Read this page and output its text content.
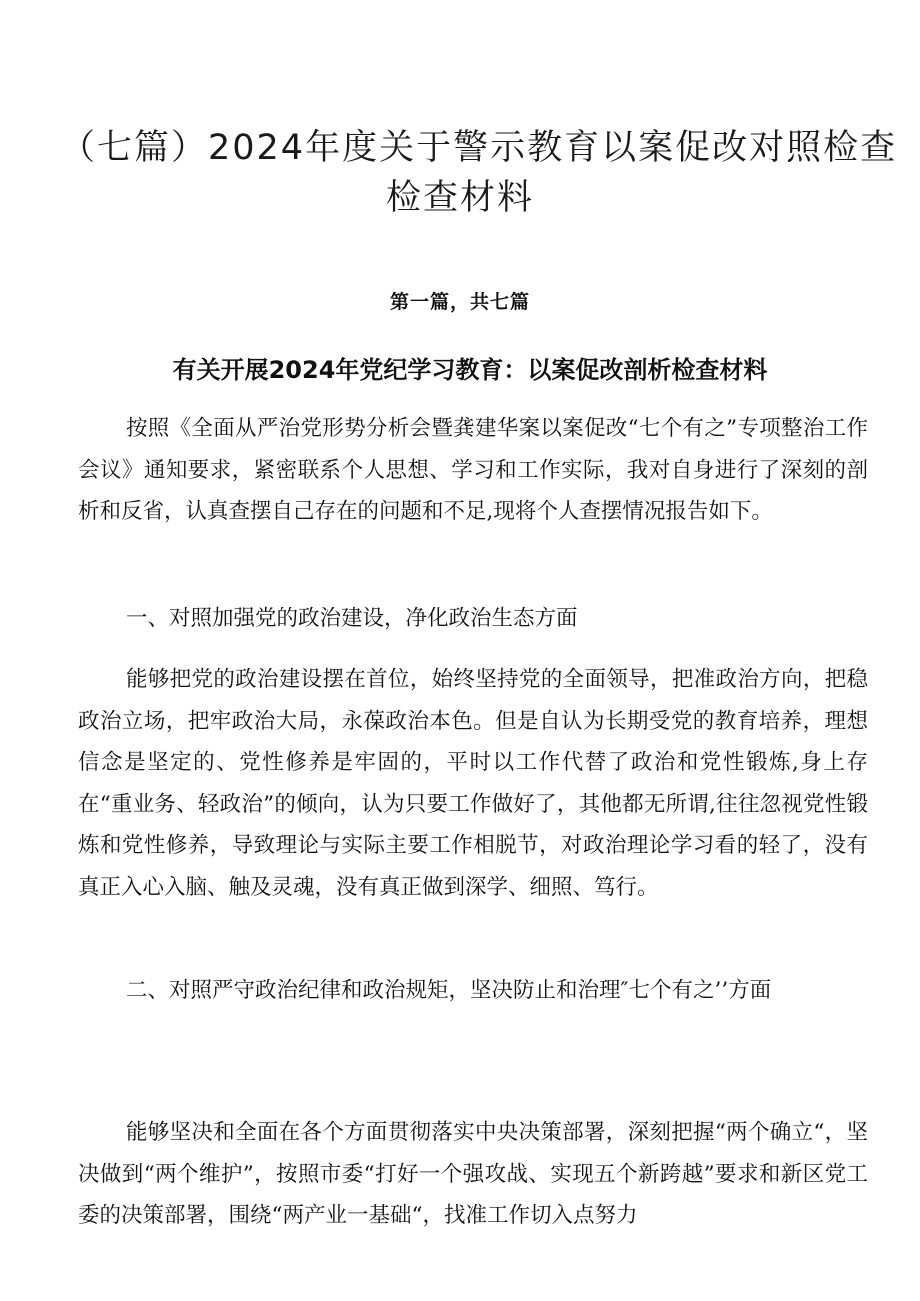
（七篇）2024年度关于警示教育以案促改对照检查
检查材料
第一篇，共七篇
有关开展2024年党纪学习教育：以案促改剖析检查材料

按照《全面从严治党形势分析会暨龚建华案以案促改“七个有之”专项整治工作会议》通知要求，紧密联系个人思想、学习和工作实际，我对自身进行了深刻的剖析和反省，认真查摆自己存在的问题和不足,现将个人查摆情况报告如下。

一、对照加强党的政治建设，净化政治生态方面

能够把党的政治建设摆在首位，始终坚持党的全面领导，把准政治方向，把稳政治立场，把牢政治大局，永葆政治本色。但是自认为长期受党的教育培养，理想信念是坚定的、党性修养是牢固的，平时以工作代替了政治和党性锻炼,身上存在“重业务、轻政治”的倾向，认为只要工作做好了，其他都无所谓,往往忽视党性锻炼和党性修养，导致理论与实际主要工作相脱节，对政治理论学习看的轻了，没有真正入心入脑、触及灵魂，没有真正做到深学、细照、笃行。

二、对照严守政治纪律和政治规矩，坚决防止和治理″七个有之’’方面

能够坚决和全面在各个方面贯彻落实中央决策部署，深刻把握“两个确立“，坚决做到“两个维护”，按照市委“打好一个强攻战、实现五个新跨越”要求和新区党工委的决策部署，围绕“两产业一基础“，找准工作切入点努力
